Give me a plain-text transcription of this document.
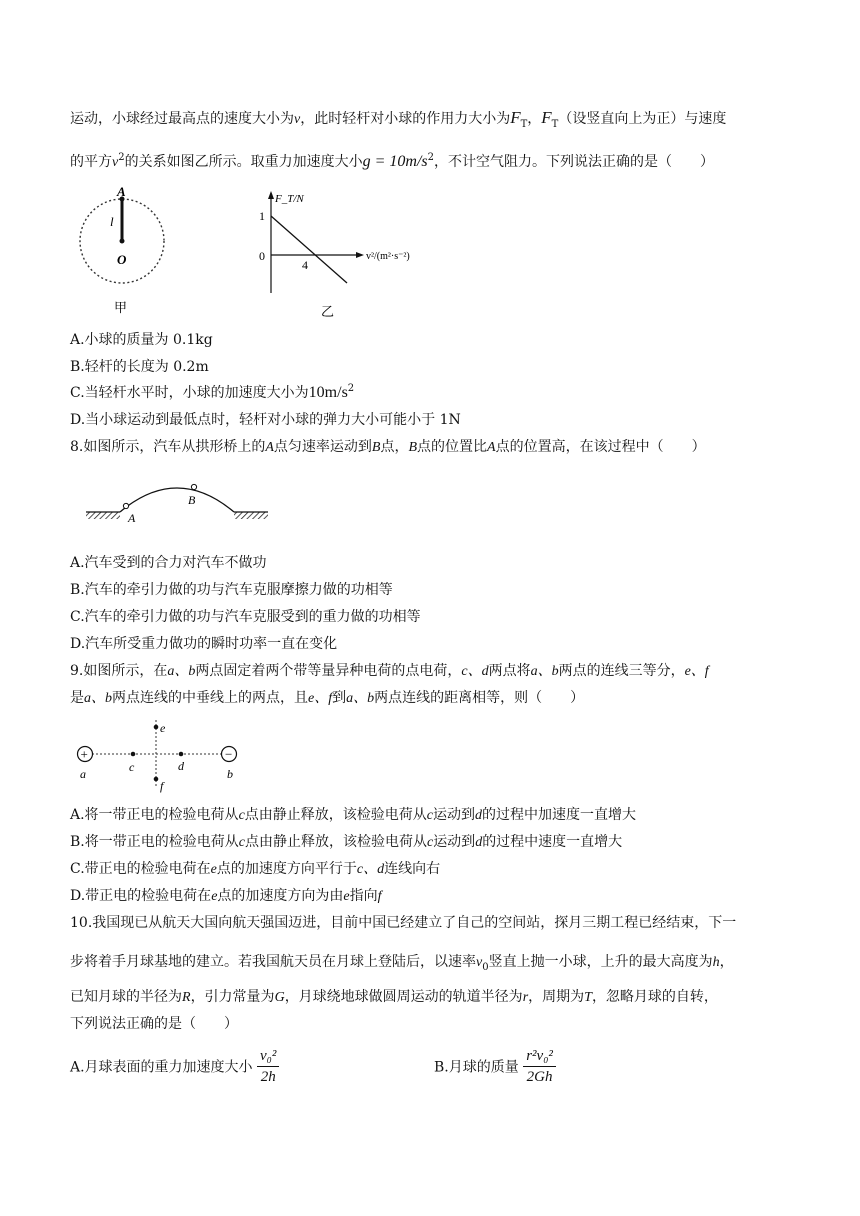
运动，小球经过最高点的速度大小为v，此时轻杆对小球的作用力大小为$F_T$，$F_T$（设竖直向上为正）与速度
的平方$v^2$的关系如图乙所示。取重力加速度大小$g = 10m/s^2$，不计空气阻力。下列说法正确的是（　　）
A
l
O
甲
F_T/N
v²/(m²·s⁻²)
1
0
4
乙
A.小球的质量为 0.1kg
B.轻杆的长度为 0.2m
C.当轻杆水平时，小球的加速度大小为$10m/s^2$
D.当小球运动到最低点时，轻杆对小球的弹力大小可能小于 1N
8.如图所示，汽车从拱形桥上的A点匀速率运动到B点，B点的位置比A点的位置高，在该过程中（　　）
A
B
A.汽车受到的合力对汽车不做功
B.汽车的牵引力做的功与汽车克服摩擦力做的功相等
C.汽车的牵引力做的功与汽车克服受到的重力做的功相等
D.汽车所受重力做功的瞬时功率一直在变化
9.如图所示，在a、b两点固定着两个带等量异种电荷的点电荷，c、d两点将a、b两点的连线三等分，e、f
是a、b两点连线的中垂线上的两点，且e、f到a、b两点连线的距离相等，则（　　）
+	−
a	b
c	d
e
f
A.将一带正电的检验电荷从c点由静止释放，该检验电荷从c运动到d的过程中加速度一直增大
B.将一带正电的检验电荷从c点由静止释放，该检验电荷从c运动到d的过程中速度一直增大
C.带正电的检验电荷在e点的加速度方向平行于c、d连线向右
D.带正电的检验电荷在e点的加速度方向为由e指向f
10.我国现已从航天大国向航天强国迈进，目前中国已经建立了自己的空间站，探月三期工程已经结束，下一
步将着手月球基地的建立。若我国航天员在月球上登陆后，以速率$v_0$竖直上抛一小球，上升的最大高度为h，
已知月球的半径为R，引力常量为G，月球绕地球做圆周运动的轨道半径为r，周期为T，忽略月球的自转，
下列说法正确的是（　　）
A.月球表面的重力加速度大小 $\frac{\text{v₀²}}{2h}$	B.月球的质量 $\frac{\text{r²v₀²}}{2Gh}$
